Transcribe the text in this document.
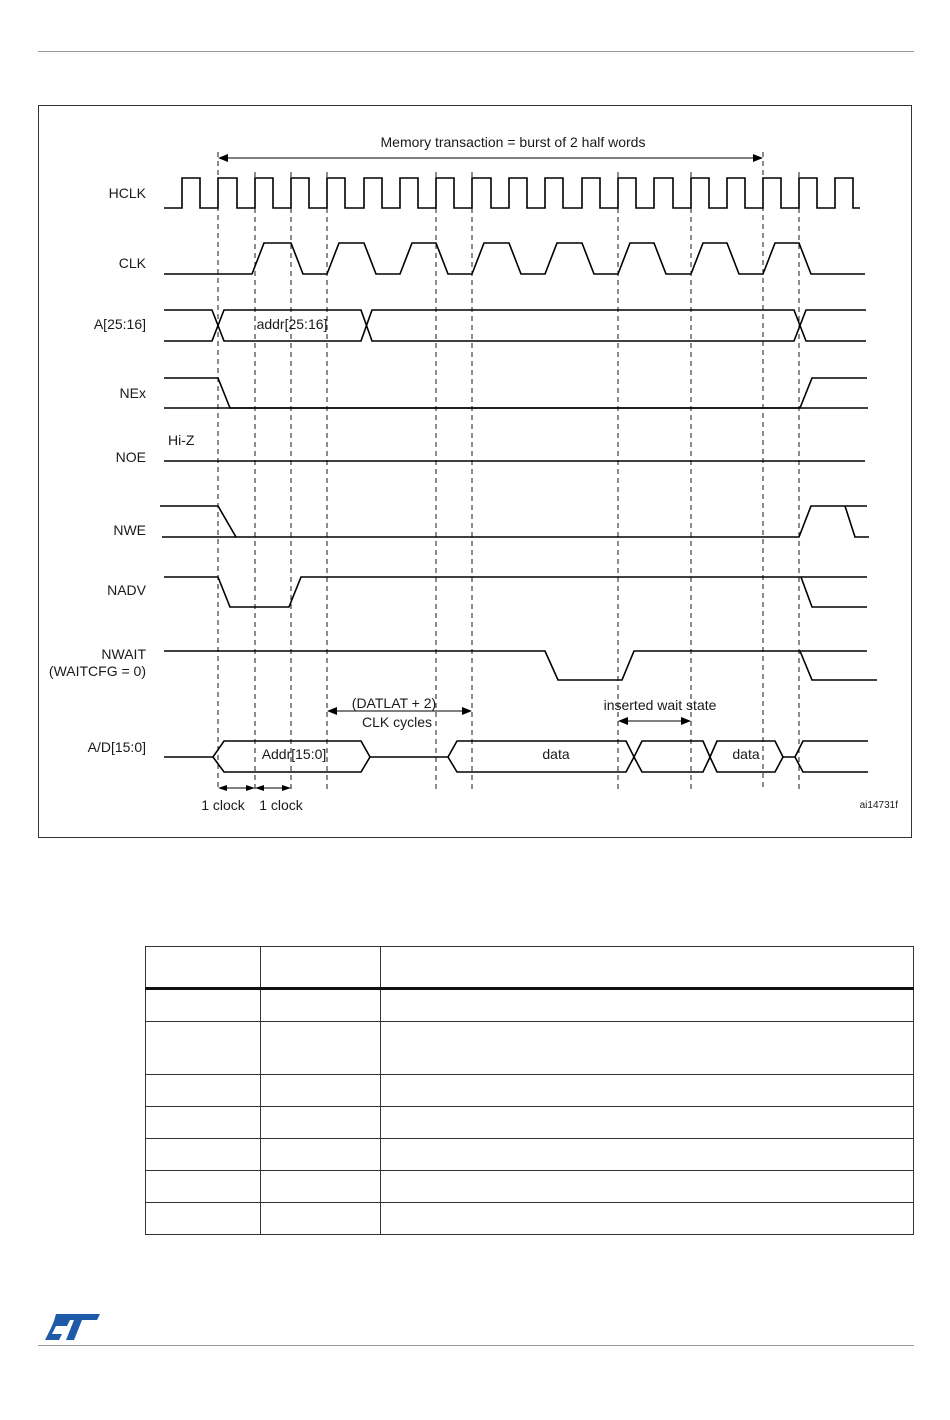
Memory transaction = burst of 2 half words
HCLK
CLK
A[25:16]
NEx
NOE
NWE
NADV
NWAIT
(WAITCFG = 0)
A/D[15:0]
addr[25:16]
Hi-Z
(DATLAT + 2)
CLK cycles
inserted wait state
Addr[15:0]	data	data
1 clock 1 clock	ai14731f
